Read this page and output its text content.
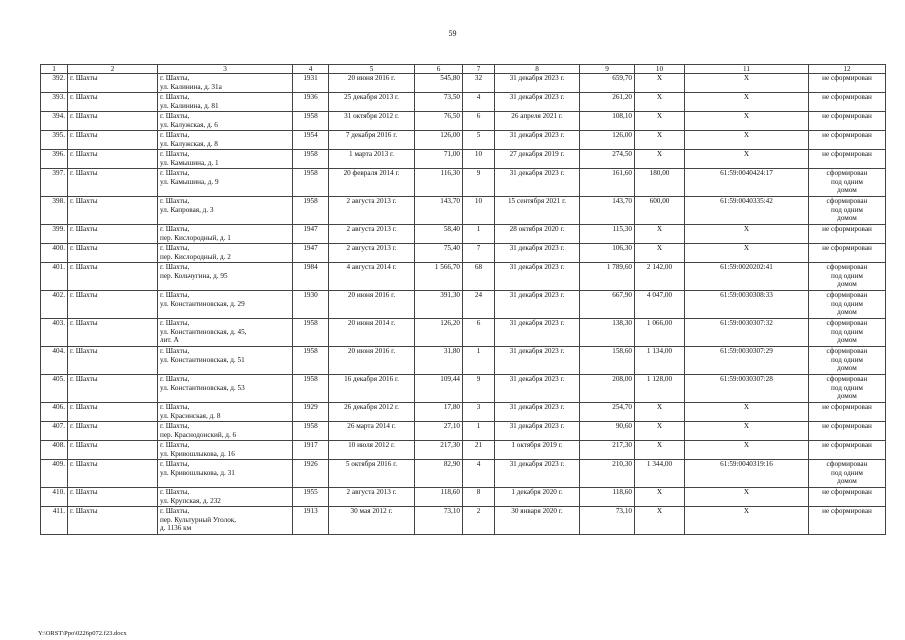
59
1	2	3	4	5	6	7	8	9	10	11	12
392.	г. Шахты	г. Шахты,
ул. Калинина, д. 31а	1931	20 июня 2016 г.	545,80	32	31 декабря 2023 г.	659,70	X	X	не сформирован
393.	г. Шахты	г. Шахты,
ул. Калинина, д. 81	1936	25 декабря 2013 г.	73,50	4	31 декабря 2023 г.	261,20	X	X	не сформирован
394.	г. Шахты	г. Шахты,
ул. Калужская, д. 6	1958	31 октября 2012 г.	76,50	6	26 апреля 2021 г.	108,10	X	X	не сформирован
395.	г. Шахты	г. Шахты,
ул. Калужская, д. 8	1954	7 декабря 2016 г.	126,00	5	31 декабря 2023 г.	126,00	X	X	не сформирован
396.	г. Шахты	г. Шахты,
ул. Камышина, д. 1	1958	1 марта 2013 г.	71,00	10	27 декабря 2019 г.	274,50	X	X	не сформирован
397.	г. Шахты	г. Шахты,
ул. Камышина, д. 9	1958	20 февраля 2014 г.	116,30	9	31 декабря 2023 г.	161,60	180,00	61:59:0040424:17	сформирован
под одним
домом
398.	г. Шахты	г. Шахты,
ул. Капровая, д. 3	1958	2 августа 2013 г.	143,70	10	15 сентября 2021 г.	143,70	600,00	61:59:0040335:42	сформирован
под одним
домом
399.	г. Шахты	г. Шахты,
пер. Кислородный, д. 1	1947	2 августа 2013 г.	58,40	1	28 октября 2020 г.	115,30	X	X	не сформирован
400.	г. Шахты	г. Шахты,
пер. Кислородный, д. 2	1947	2 августа 2013 г.	75,40	7	31 декабря 2023 г.	106,30	X	X	не сформирован
401.	г. Шахты	г. Шахты,
пер. Кольчугина, д. 95	1984	4 августа 2014 г.	1 566,70	68	31 декабря 2023 г.	1 789,60	2 142,00	61:59:0020202:41	сформирован
под одним
домом
402.	г. Шахты	г. Шахты,
ул. Константиновская, д. 29	1930	20 июня 2016 г.	391,30	24	31 декабря 2023 г.	667,90	4 047,00	61:59:0030308:33	сформирован
под одним
домом
403.	г. Шахты	г. Шахты,
ул. Константиновская, д. 45,
лит. А	1958	20 июня 2014 г.	126,20	6	31 декабря 2023 г.	138,30	1 066,00	61:59:0030307:32	сформирован
под одним
домом
404.	г. Шахты	г. Шахты,
ул. Константиновская, д. 51	1958	20 июня 2016 г.	31,80	1	31 декабря 2023 г.	158,60	1 134,00	61:59:0030307:29	сформирован
под одним
домом
405.	г. Шахты	г. Шахты,
ул. Константиновская, д. 53	1958	16 декабря 2016 г.	109,44	9	31 декабря 2023 г.	208,00	1 128,00	61:59:0030307:28	сформирован
под одним
домом
406.	г. Шахты	г. Шахты,
ул. Красинская, д. 8	1929	26 декабря 2012 г.	17,80	3	31 декабря 2023 г.	254,70	X	X	не сформирован
407.	г. Шахты	г. Шахты,
пер. Краснодонский, д. 6	1958	26 марта 2014 г.	27,10	1	31 декабря 2023 г.	90,60	X	X	не сформирован
408.	г. Шахты	г. Шахты,
ул. Кривошлыкова, д. 16	1917	10 июля 2012 г.	217,30	21	1 октября 2019 г.	217,30	X	X	не сформирован
409.	г. Шахты	г. Шахты,
ул. Кривошлыкова, д. 31	1926	5 октября 2016 г.	82,90	4	31 декабря 2023 г.	210,30	1 344,00	61:59:0040319:16	сформирован
под одним
домом
410.	г. Шахты	г. Шахты,
ул. Крупская, д. 232	1955	2 августа 2013 г.	118,60	8	1 декабря 2020 г.	118,60	X	X	не сформирован
411.	г. Шахты	г. Шахты,
пер. Культурный Уголок,
д. 1136 км	1913	30 мая 2012 г.	73,10	2	30 января 2020 г.	73,10	X	X	не сформирован
Y:\ORST\Ppo\0226p072.f23.docx
